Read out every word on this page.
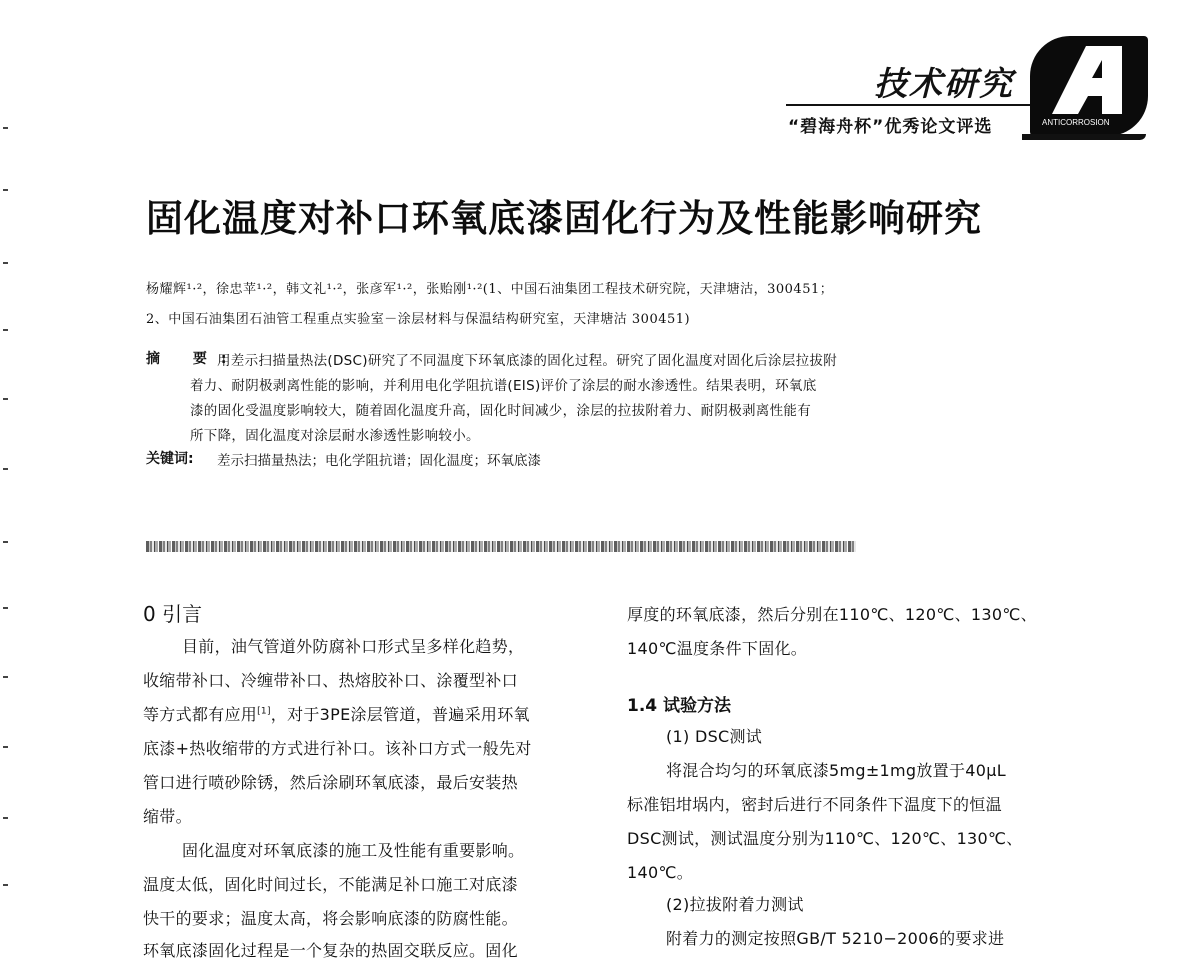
技术研究
“碧海舟杯”优秀论文评选	ANTICORROSION
固化温度对补口环氧底漆固化行为及性能影响研究
杨耀辉¹·²，徐忠苹¹·²，韩文礼¹·²，张彦军¹·²，张贻刚¹·²(1、中国石油集团工程技术研究院，天津塘沽，300451；
2、中国石油集团石油管工程重点实验室－涂层材料与保温结构研究室，天津塘沽 300451)
摘 要:
用差示扫描量热法(DSC)研究了不同温度下环氧底漆的固化过程。研究了固化温度对固化后涂层拉拔附
着力、耐阴极剥离性能的影响，并利用电化学阻抗谱(EIS)评价了涂层的耐水渗透性。结果表明，环氧底
漆的固化受温度影响较大，随着固化温度升高，固化时间减少，涂层的拉拔附着力、耐阴极剥离性能有
所下降，固化温度对涂层耐水渗透性影响较小。
关键词: 差示扫描量热法；电化学阻抗谱；固化温度；环氧底漆
0 引言
目前，油气管道外防腐补口形式呈多样化趋势，
收缩带补口、冷缠带补口、热熔胶补口、涂覆型补口
等方式都有应用[1]，对于3PE涂层管道，普遍采用环氧
底漆+热收缩带的方式进行补口。该补口方式一般先对
管口进行喷砂除锈，然后涂刷环氧底漆，最后安装热
缩带。
固化温度对环氧底漆的施工及性能有重要影响。
温度太低，固化时间过长，不能满足补口施工对底漆
快干的要求；温度太高，将会影响底漆的防腐性能。
环氧底漆固化过程是一个复杂的热固交联反应。固化
厚度的环氧底漆，然后分别在110℃、120℃、130℃、
140℃温度条件下固化。
1.4 试验方法
(1) DSC测试
将混合均匀的环氧底漆5mg±1mg放置于40μL
标准铝坩埚内，密封后进行不同条件下温度下的恒温
DSC测试，测试温度分别为110℃、120℃、130℃、
140℃。
(2)拉拔附着力测试
附着力的测定按照GB/T 5210−2006的要求进
